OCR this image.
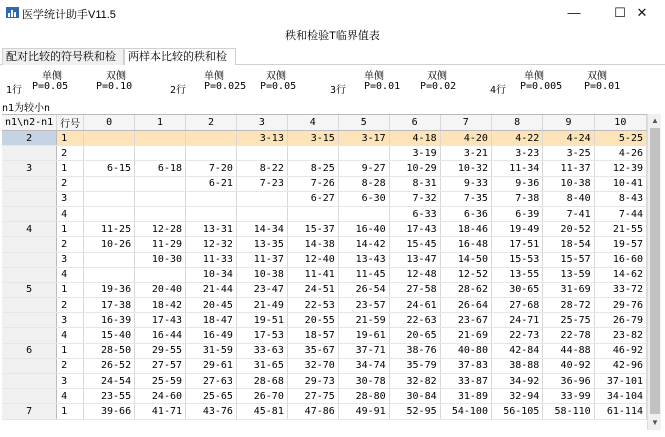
医学统计助手V11.5	—	☐ ✕
秩和检验T临界值表
配对比较的符号秩和检	两样本比较的秩和检
单侧	双侧	单侧	双侧	单侧	双侧	单侧	双侧
1行 P=0.05	P=0.10	2行 P=0.025 P=0.05	3行 P=0.01 P=0.02	4行 P=0.005 P=0.01
n1为较小n
n1\n2-n1	行号	0	1	2	3	4	5	6	7	8	9	10
2	1				3-13	3-15	3-17	4-18	4-20	4-22	4-24	5-25
	2							3-19	3-21	3-23	3-25	4-26
3	1	6-15	6-18	7-20	8-22	8-25	9-27	10-29	10-32	11-34	11-37	12-39
	2			6-21	7-23	7-26	8-28	8-31	9-33	9-36	10-38	10-41
	3					6-27	6-30	7-32	7-35	7-38	8-40	8-43
	4							6-33	6-36	6-39	7-41	7-44
4	1	11-25	12-28	13-31	14-34	15-37	16-40	17-43	18-46	19-49	20-52	21-55
	2	10-26	11-29	12-32	13-35	14-38	14-42	15-45	16-48	17-51	18-54	19-57
	3		10-30	11-33	11-37	12-40	13-43	13-47	14-50	15-53	15-57	16-60
	4			10-34	10-38	11-41	11-45	12-48	12-52	13-55	13-59	14-62
5	1	19-36	20-40	21-44	23-47	24-51	26-54	27-58	28-62	30-65	31-69	33-72
	2	17-38	18-42	20-45	21-49	22-53	23-57	24-61	26-64	27-68	28-72	29-76
	3	16-39	17-43	18-47	19-51	20-55	21-59	22-63	23-67	24-71	25-75	26-79
	4	15-40	16-44	16-49	17-53	18-57	19-61	20-65	21-69	22-73	22-78	23-82
6	1	28-50	29-55	31-59	33-63	35-67	37-71	38-76	40-80	42-84	44-88	46-92
	2	26-52	27-57	29-61	31-65	32-70	34-74	35-79	37-83	38-88	40-92	42-96
	3	24-54	25-59	27-63	28-68	29-73	30-78	32-82	33-87	34-92	36-96	37-101
	4	23-55	24-60	25-65	26-70	27-75	28-80	30-84	31-89	32-94	33-99	34-104
7	1	39-66	41-71	43-76	45-81	47-86	49-91	52-95	54-100	56-105	58-110	61-114
▲
▼
